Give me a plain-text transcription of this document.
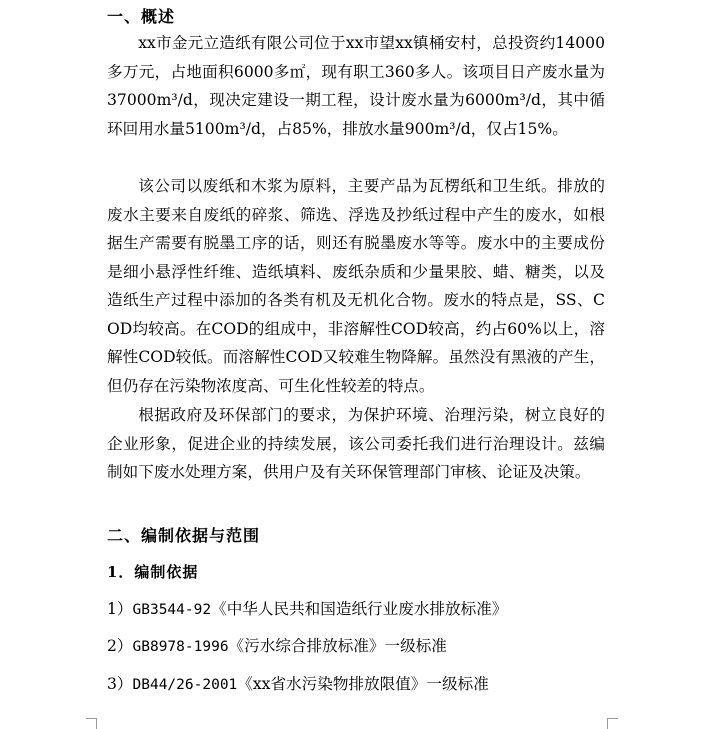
一、概述

xx市金元立造纸有限公司位于xx市望xx镇桶安村，总投资约14000多万元，占地面积6000多㎡，现有职工360多人。该项目日产废水量为37000m³/d，现决定建设一期工程，设计废水量为6000m³/d，其中循环回用水量5100m³/d，占85%，排放水量900m³/d，仅占15%。

该公司以废纸和木浆为原料，主要产品为瓦楞纸和卫生纸。排放的废水主要来自废纸的碎浆、筛选、浮选及抄纸过程中产生的废水，如根据生产需要有脱墨工序的话，则还有脱墨废水等等。废水中的主要成份是细小悬浮性纤维、造纸填料、废纸杂质和少量果胶、蜡、糖类，以及造纸生产过程中添加的各类有机及无机化合物。废水的特点是，SS、COD均较高。在COD的组成中，非溶解性COD较高，约占60%以上，溶解性COD较低。而溶解性COD又较难生物降解。虽然没有黑液的产生，但仍存在污染物浓度高、可生化性较差的特点。

根据政府及环保部门的要求，为保护环境、治理污染，树立良好的企业形象，促进企业的持续发展，该公司委托我们进行治理设计。兹编制如下废水处理方案，供用户及有关环保管理部门审核、论证及决策。

二、编制依据与范围
1．编制依据
1）GB3544-92《中华人民共和国造纸行业废水排放标准》
2）GB8978-1996《污水综合排放标准》一级标准
3）DB44/26-2001《xx省水污染物排放限值》一级标准
